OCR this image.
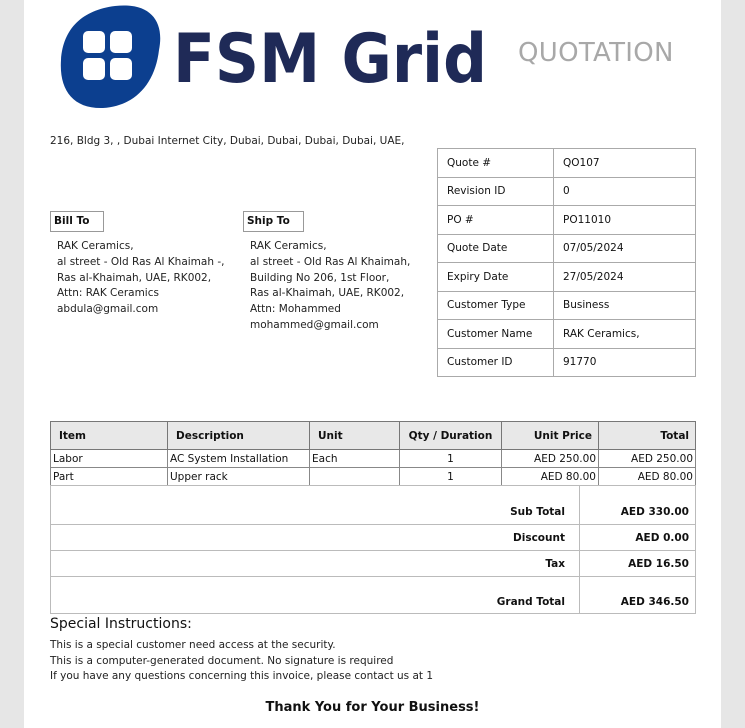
FSM Grid QUOTATION
216, Bldg 3, , Dubai Internet City, Dubai, Dubai, Dubai, Dubai, UAE,
Bill To	Ship To
RAK Ceramics,
al street - Old Ras Al Khaimah -,
Ras al-Khaimah, UAE, RK002,
Attn: RAK Ceramics
abdula@gmail.com
RAK Ceramics,
al street - Old Ras Al Khaimah,
Building No 206, 1st Floor,
Ras al-Khaimah, UAE, RK002,
Attn: Mohammed
mohammed@gmail.com
Quote #	QO107
Revision ID	0
PO #	PO11010
Quote Date	07/05/2024
Expiry Date	27/05/2024
Customer Type	Business
Customer Name	RAK Ceramics,
Customer ID	91770
Item	Description	Unit	Qty / Duration	Unit Price	Total
Labor	AC System Installation	Each	1	AED 250.00	AED 250.00
Part	Upper rack		1	AED 80.00	AED 80.00
Sub Total	AED 330.00
Discount	AED 0.00
Tax	AED 16.50
Grand Total	AED 346.50
Special Instructions:
This is a special customer need access at the security.
This is a computer-generated document. No signature is required
If you have any questions concerning this invoice, please contact us at 1
Thank You for Your Business!
